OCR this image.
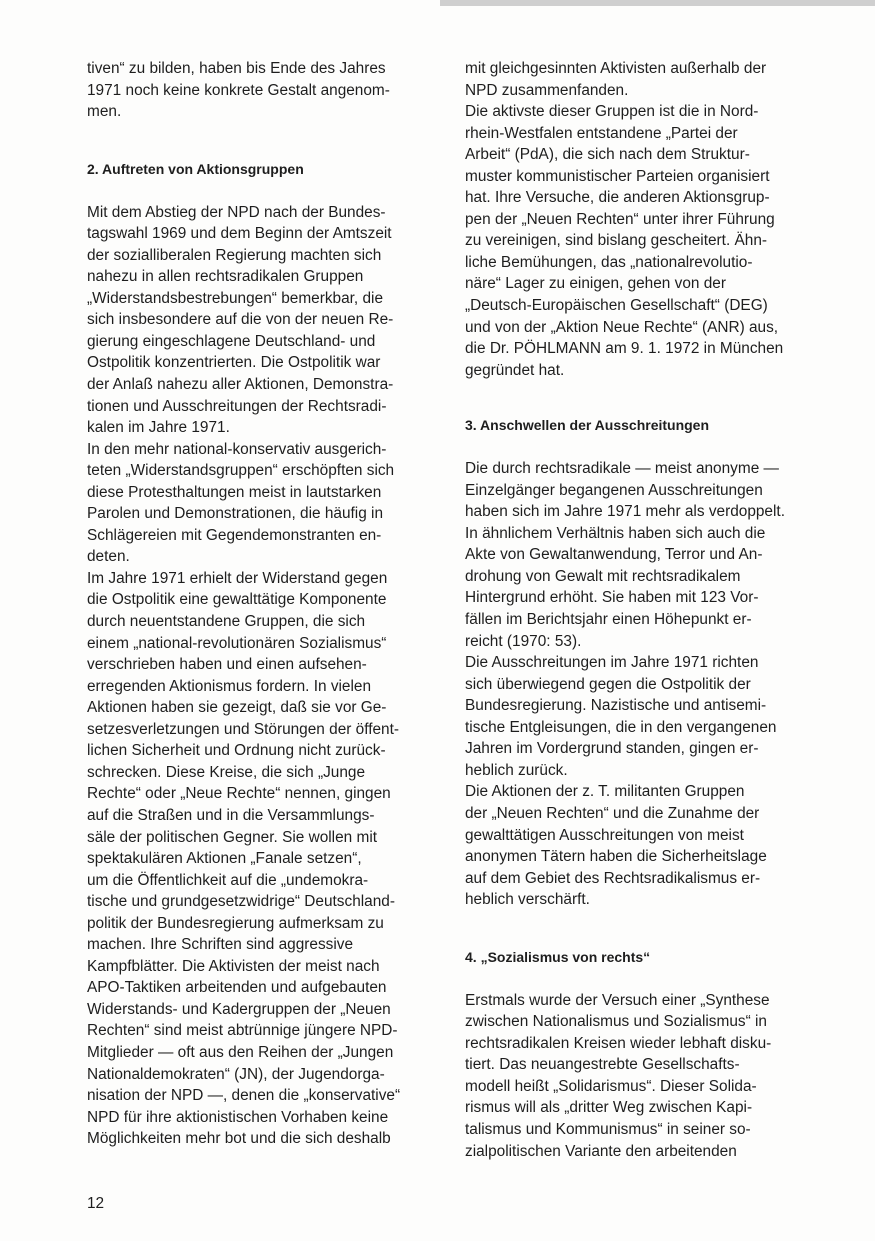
tiven“ zu bilden, haben bis Ende des Jahres
1971 noch keine konkrete Gestalt angenom-
men.

2. Auftreten von Aktionsgruppen

Mit dem Abstieg der NPD nach der Bundes-
tagswahl 1969 und dem Beginn der Amtszeit
der sozialliberalen Regierung machten sich
nahezu in allen rechtsradikalen Gruppen
„Widerstandsbestrebungen“ bemerkbar, die
sich insbesondere auf die von der neuen Re-
gierung eingeschlagene Deutschland- und
Ostpolitik konzentrierten. Die Ostpolitik war
der Anlaß nahezu aller Aktionen, Demonstra-
tionen und Ausschreitungen der Rechtsradi-
kalen im Jahre 1971.

In den mehr national-konservativ ausgerich-
teten „Widerstandsgruppen“ erschöpften sich
diese Protesthaltungen meist in lautstarken
Parolen und Demonstrationen, die häufig in
Schlägereien mit Gegendemonstranten en-
deten.

Im Jahre 1971 erhielt der Widerstand gegen
die Ostpolitik eine gewalttätige Komponente
durch neuentstandene Gruppen, die sich
einem „national-revolutionären Sozialismus“
verschrieben haben und einen aufsehen-
erregenden Aktionismus fordern. In vielen
Aktionen haben sie gezeigt, daß sie vor Ge-
setzesverletzungen und Störungen der öffent-
lichen Sicherheit und Ordnung nicht zurück-
schrecken. Diese Kreise, die sich „Junge
Rechte“ oder „Neue Rechte“ nennen, gingen
auf die Straßen und in die Versammlungs-
säle der politischen Gegner. Sie wollen mit
spektakulären Aktionen „Fanale setzen“,
um die Öffentlichkeit auf die „undemokra-
tische und grundgesetzwidrige“ Deutschland-
politik der Bundesregierung aufmerksam zu
machen. Ihre Schriften sind aggressive
Kampfblätter. Die Aktivisten der meist nach
APO-Taktiken arbeitenden und aufgebauten
Widerstands- und Kadergruppen der „Neuen
Rechten“ sind meist abtrünnige jüngere NPD-
Mitglieder — oft aus den Reihen der „Jungen
Nationaldemokraten“ (JN), der Jugendorga-
nisation der NPD —, denen die „konservative“
NPD für ihre aktionistischen Vorhaben keine
Möglichkeiten mehr bot und die sich deshalb

mit gleichgesinnten Aktivisten außerhalb der
NPD zusammenfanden.

Die aktivste dieser Gruppen ist die in Nord-
rhein-Westfalen entstandene „Partei der
Arbeit“ (PdA), die sich nach dem Struktur-
muster kommunistischer Parteien organisiert
hat. Ihre Versuche, die anderen Aktionsgrup-
pen der „Neuen Rechten“ unter ihrer Führung
zu vereinigen, sind bislang gescheitert. Ähn-
liche Bemühungen, das „nationalrevolutio-
näre“ Lager zu einigen, gehen von der
„Deutsch-Europäischen Gesellschaft“ (DEG)
und von der „Aktion Neue Rechte“ (ANR) aus,
die Dr. PÖHLMANN am 9. 1. 1972 in München
gegründet hat.

3. Anschwellen der Ausschreitungen

Die durch rechtsradikale — meist anonyme —
Einzelgänger begangenen Ausschreitungen
haben sich im Jahre 1971 mehr als verdoppelt.
In ähnlichem Verhältnis haben sich auch die
Akte von Gewaltanwendung, Terror und An-
drohung von Gewalt mit rechtsradikalem
Hintergrund erhöht. Sie haben mit 123 Vor-
fällen im Berichtsjahr einen Höhepunkt er-
reicht (1970: 53).

Die Ausschreitungen im Jahre 1971 richten
sich überwiegend gegen die Ostpolitik der
Bundesregierung. Nazistische und antisemi-
tische Entgleisungen, die in den vergangenen
Jahren im Vordergrund standen, gingen er-
heblich zurück.

Die Aktionen der z. T. militanten Gruppen
der „Neuen Rechten“ und die Zunahme der
gewalttätigen Ausschreitungen von meist
anonymen Tätern haben die Sicherheitslage
auf dem Gebiet des Rechtsradikalismus er-
heblich verschärft.

4. „Sozialismus von rechts“

Erstmals wurde der Versuch einer „Synthese
zwischen Nationalismus und Sozialismus“ in
rechtsradikalen Kreisen wieder lebhaft disku-
tiert. Das neuangestrebte Gesellschafts-
modell heißt „Solidarismus“. Dieser Solida-
rismus will als „dritter Weg zwischen Kapi-
talismus und Kommunismus“ in seiner so-
zialpolitischen Variante den arbeitenden

12
